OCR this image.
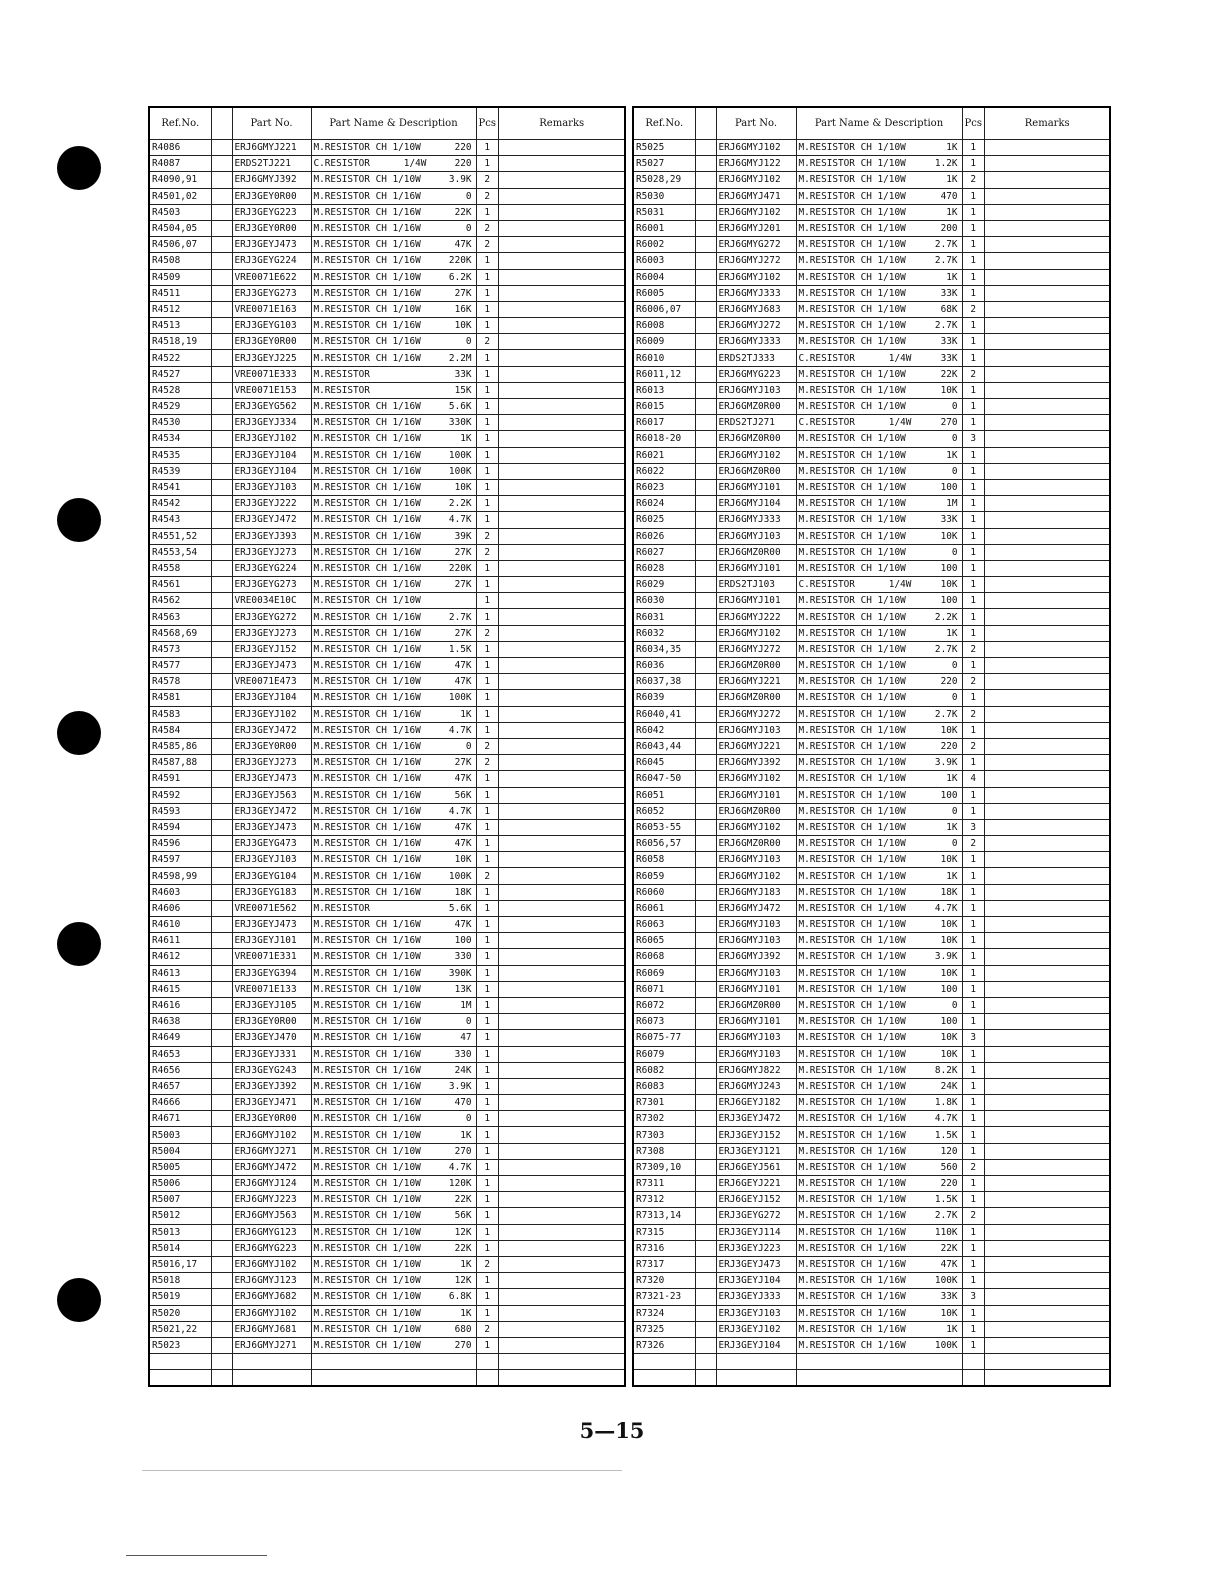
Ref.No.		Part No.	Part Name & Description	Pcs	Remarks
R4086		ERJ6GMYJ221	M.RESISTOR CH 1/10W 220	1	
R4087		ERDS2TJ221	C.RESISTOR      1/4W 220	1	
R4090,91		ERJ6GMYJ392	M.RESISTOR CH 1/10W 3.9K	2	
R4501,02		ERJ3GEY0R00	M.RESISTOR CH 1/16W 0	2	
R4503		ERJ3GEYG223	M.RESISTOR CH 1/16W 22K	1	
R4504,05		ERJ3GEY0R00	M.RESISTOR CH 1/16W 0	2	
R4506,07		ERJ3GEYJ473	M.RESISTOR CH 1/16W 47K	2	
R4508		ERJ3GEYG224	M.RESISTOR CH 1/16W 220K	1	
R4509		VRE0071E622	M.RESISTOR CH 1/10W 6.2K	1	
R4511		ERJ3GEYG273	M.RESISTOR CH 1/16W 27K	1	
R4512		VRE0071E163	M.RESISTOR CH 1/10W 16K	1	
R4513		ERJ3GEYG103	M.RESISTOR CH 1/16W 10K	1	
R4518,19		ERJ3GEY0R00	M.RESISTOR CH 1/16W 0	2	
R4522		ERJ3GEYJ225	M.RESISTOR CH 1/16W 2.2M	1	
R4527		VRE0071E333	M.RESISTOR 33K	1	
R4528		VRE0071E153	M.RESISTOR 15K	1	
R4529		ERJ3GEYG562	M.RESISTOR CH 1/16W 5.6K	1	
R4530		ERJ3GEYJ334	M.RESISTOR CH 1/16W 330K	1	
R4534		ERJ3GEYJ102	M.RESISTOR CH 1/16W 1K	1	
R4535		ERJ3GEYJ104	M.RESISTOR CH 1/16W 100K	1	
R4539		ERJ3GEYJ104	M.RESISTOR CH 1/16W 100K	1	
R4541		ERJ3GEYJ103	M.RESISTOR CH 1/16W 10K	1	
R4542		ERJ3GEYJ222	M.RESISTOR CH 1/16W 2.2K	1	
R4543		ERJ3GEYJ472	M.RESISTOR CH 1/16W 4.7K	1	
R4551,52		ERJ3GEYJ393	M.RESISTOR CH 1/16W 39K	2	
R4553,54		ERJ3GEYJ273	M.RESISTOR CH 1/16W 27K	2	
R4558		ERJ3GEYG224	M.RESISTOR CH 1/16W 220K	1	
R4561		ERJ3GEYG273	M.RESISTOR CH 1/16W 27K	1	
R4562		VRE0034E10C	M.RESISTOR CH 1/10W	1	
R4563		ERJ3GEYG272	M.RESISTOR CH 1/16W 2.7K	1	
R4568,69		ERJ3GEYJ273	M.RESISTOR CH 1/16W 27K	2	
R4573		ERJ3GEYJ152	M.RESISTOR CH 1/16W 1.5K	1	
R4577		ERJ3GEYJ473	M.RESISTOR CH 1/16W 47K	1	
R4578		VRE0071E473	M.RESISTOR CH 1/10W 47K	1	
R4581		ERJ3GEYJ104	M.RESISTOR CH 1/16W 100K	1	
R4583		ERJ3GEYJ102	M.RESISTOR CH 1/16W 1K	1	
R4584		ERJ3GEYJ472	M.RESISTOR CH 1/16W 4.7K	1	
R4585,86		ERJ3GEY0R00	M.RESISTOR CH 1/16W 0	2	
R4587,88		ERJ3GEYJ273	M.RESISTOR CH 1/16W 27K	2	
R4591		ERJ3GEYJ473	M.RESISTOR CH 1/16W 47K	1	
R4592		ERJ3GEYJ563	M.RESISTOR CH 1/16W 56K	1	
R4593		ERJ3GEYJ472	M.RESISTOR CH 1/16W 4.7K	1	
R4594		ERJ3GEYJ473	M.RESISTOR CH 1/16W 47K	1	
R4596		ERJ3GEYG473	M.RESISTOR CH 1/16W 47K	1	
R4597		ERJ3GEYJ103	M.RESISTOR CH 1/16W 10K	1	
R4598,99		ERJ3GEYG104	M.RESISTOR CH 1/16W 100K	2	
R4603		ERJ3GEYG183	M.RESISTOR CH 1/16W 18K	1	
R4606		VRE0071E562	M.RESISTOR 5.6K	1	
R4610		ERJ3GEYJ473	M.RESISTOR CH 1/16W 47K	1	
R4611		ERJ3GEYJ101	M.RESISTOR CH 1/16W 100	1	
R4612		VRE0071E331	M.RESISTOR CH 1/10W 330	1	
R4613		ERJ3GEYG394	M.RESISTOR CH 1/16W 390K	1	
R4615		VRE0071E133	M.RESISTOR CH 1/10W 13K	1	
R4616		ERJ3GEYJ105	M.RESISTOR CH 1/16W 1M	1	
R4638		ERJ3GEY0R00	M.RESISTOR CH 1/16W 0	1	
R4649		ERJ3GEYJ470	M.RESISTOR CH 1/16W 47	1	
R4653		ERJ3GEYJ331	M.RESISTOR CH 1/16W 330	1	
R4656		ERJ3GEYG243	M.RESISTOR CH 1/16W 24K	1	
R4657		ERJ3GEYJ392	M.RESISTOR CH 1/16W 3.9K	1	
R4666		ERJ3GEYJ471	M.RESISTOR CH 1/16W 470	1	
R4671		ERJ3GEY0R00	M.RESISTOR CH 1/16W 0	1	
R5003		ERJ6GMYJ102	M.RESISTOR CH 1/10W 1K	1	
R5004		ERJ6GMYJ271	M.RESISTOR CH 1/10W 270	1	
R5005		ERJ6GMYJ472	M.RESISTOR CH 1/10W 4.7K	1	
R5006		ERJ6GMYJ124	M.RESISTOR CH 1/10W 120K	1	
R5007		ERJ6GMYJ223	M.RESISTOR CH 1/10W 22K	1	
R5012		ERJ6GMYJ563	M.RESISTOR CH 1/10W 56K	1	
R5013		ERJ6GMYG123	M.RESISTOR CH 1/10W 12K	1	
R5014		ERJ6GMYG223	M.RESISTOR CH 1/10W 22K	1	
R5016,17		ERJ6GMYJ102	M.RESISTOR CH 1/10W 1K	2	
R5018		ERJ6GMYJ123	M.RESISTOR CH 1/10W 12K	1	
R5019		ERJ6GMYJ682	M.RESISTOR CH 1/10W 6.8K	1	
R5020		ERJ6GMYJ102	M.RESISTOR CH 1/10W 1K	1	
R5021,22		ERJ6GMYJ681	M.RESISTOR CH 1/10W 680	2	
R5023		ERJ6GMYJ271	M.RESISTOR CH 1/10W 270	1	

Ref.No.		Part No.	Part Name & Description	Pcs	Remarks
R5025		ERJ6GMYJ102	M.RESISTOR CH 1/10W 1K	1	
R5027		ERJ6GMYJ122	M.RESISTOR CH 1/10W 1.2K	1	
R5028,29		ERJ6GMYJ102	M.RESISTOR CH 1/10W 1K	2	
R5030		ERJ6GMYJ471	M.RESISTOR CH 1/10W 470	1	
R5031		ERJ6GMYJ102	M.RESISTOR CH 1/10W 1K	1	
R6001		ERJ6GMYJ201	M.RESISTOR CH 1/10W 200	1	
R6002		ERJ6GMYG272	M.RESISTOR CH 1/10W 2.7K	1	
R6003		ERJ6GMYJ272	M.RESISTOR CH 1/10W 2.7K	1	
R6004		ERJ6GMYJ102	M.RESISTOR CH 1/10W 1K	1	
R6005		ERJ6GMYJ333	M.RESISTOR CH 1/10W 33K	1	
R6006,07		ERJ6GMYJ683	M.RESISTOR CH 1/10W 68K	2	
R6008		ERJ6GMYJ272	M.RESISTOR CH 1/10W 2.7K	1	
R6009		ERJ6GMYJ333	M.RESISTOR CH 1/10W 33K	1	
R6010		ERDS2TJ333	C.RESISTOR      1/4W 33K	1	
R6011,12		ERJ6GMYG223	M.RESISTOR CH 1/10W 22K	2	
R6013		ERJ6GMYJ103	M.RESISTOR CH 1/10W 10K	1	
R6015		ERJ6GMZ0R00	M.RESISTOR CH 1/10W 0	1	
R6017		ERDS2TJ271	C.RESISTOR      1/4W 270	1	
R6018-20		ERJ6GMZ0R00	M.RESISTOR CH 1/10W 0	3	
R6021		ERJ6GMYJ102	M.RESISTOR CH 1/10W 1K	1	
R6022		ERJ6GMZ0R00	M.RESISTOR CH 1/10W 0	1	
R6023		ERJ6GMYJ101	M.RESISTOR CH 1/10W 100	1	
R6024		ERJ6GMYJ104	M.RESISTOR CH 1/10W 1M	1	
R6025		ERJ6GMYJ333	M.RESISTOR CH 1/10W 33K	1	
R6026		ERJ6GMYJ103	M.RESISTOR CH 1/10W 10K	1	
R6027		ERJ6GMZ0R00	M.RESISTOR CH 1/10W 0	1	
R6028		ERJ6GMYJ101	M.RESISTOR CH 1/10W 100	1	
R6029		ERDS2TJ103	C.RESISTOR      1/4W 10K	1	
R6030		ERJ6GMYJ101	M.RESISTOR CH 1/10W 100	1	
R6031		ERJ6GMYJ222	M.RESISTOR CH 1/10W 2.2K	1	
R6032		ERJ6GMYJ102	M.RESISTOR CH 1/10W 1K	1	
R6034,35		ERJ6GMYJ272	M.RESISTOR CH 1/10W 2.7K	2	
R6036		ERJ6GMZ0R00	M.RESISTOR CH 1/10W 0	1	
R6037,38		ERJ6GMYJ221	M.RESISTOR CH 1/10W 220	2	
R6039		ERJ6GMZ0R00	M.RESISTOR CH 1/10W 0	1	
R6040,41		ERJ6GMYJ272	M.RESISTOR CH 1/10W 2.7K	2	
R6042		ERJ6GMYJ103	M.RESISTOR CH 1/10W 10K	1	
R6043,44		ERJ6GMYJ221	M.RESISTOR CH 1/10W 220	2	
R6045		ERJ6GMYJ392	M.RESISTOR CH 1/10W 3.9K	1	
R6047-50		ERJ6GMYJ102	M.RESISTOR CH 1/10W 1K	4	
R6051		ERJ6GMYJ101	M.RESISTOR CH 1/10W 100	1	
R6052		ERJ6GMZ0R00	M.RESISTOR CH 1/10W 0	1	
R6053-55		ERJ6GMYJ102	M.RESISTOR CH 1/10W 1K	3	
R6056,57		ERJ6GMZ0R00	M.RESISTOR CH 1/10W 0	2	
R6058		ERJ6GMYJ103	M.RESISTOR CH 1/10W 10K	1	
R6059		ERJ6GMYJ102	M.RESISTOR CH 1/10W 1K	1	
R6060		ERJ6GMYJ183	M.RESISTOR CH 1/10W 18K	1	
R6061		ERJ6GMYJ472	M.RESISTOR CH 1/10W 4.7K	1	
R6063		ERJ6GMYJ103	M.RESISTOR CH 1/10W 10K	1	
R6065		ERJ6GMYJ103	M.RESISTOR CH 1/10W 10K	1	
R6068		ERJ6GMYJ392	M.RESISTOR CH 1/10W 3.9K	1	
R6069		ERJ6GMYJ103	M.RESISTOR CH 1/10W 10K	1	
R6071		ERJ6GMYJ101	M.RESISTOR CH 1/10W 100	1	
R6072		ERJ6GMZ0R00	M.RESISTOR CH 1/10W 0	1	
R6073		ERJ6GMYJ101	M.RESISTOR CH 1/10W 100	1	
R6075-77		ERJ6GMYJ103	M.RESISTOR CH 1/10W 10K	3	
R6079		ERJ6GMYJ103	M.RESISTOR CH 1/10W 10K	1	
R6082		ERJ6GMYJ822	M.RESISTOR CH 1/10W 8.2K	1	
R6083		ERJ6GMYJ243	M.RESISTOR CH 1/10W 24K	1	
R7301		ERJ6GEYJ182	M.RESISTOR CH 1/10W 1.8K	1	
R7302		ERJ3GEYJ472	M.RESISTOR CH 1/16W 4.7K	1	
R7303		ERJ3GEYJ152	M.RESISTOR CH 1/16W 1.5K	1	
R7308		ERJ3GEYJ121	M.RESISTOR CH 1/16W 120	1	
R7309,10		ERJ6GEYJ561	M.RESISTOR CH 1/10W 560	2	
R7311		ERJ6GEYJ221	M.RESISTOR CH 1/10W 220	1	
R7312		ERJ6GEYJ152	M.RESISTOR CH 1/10W 1.5K	1	
R7313,14		ERJ3GEYG272	M.RESISTOR CH 1/16W 2.7K	2	
R7315		ERJ3GEYJ114	M.RESISTOR CH 1/16W 110K	1	
R7316		ERJ3GEYJ223	M.RESISTOR CH 1/16W 22K	1	
R7317		ERJ3GEYJ473	M.RESISTOR CH 1/16W 47K	1	
R7320		ERJ3GEYJ104	M.RESISTOR CH 1/16W 100K	1	
R7321-23		ERJ3GEYJ333	M.RESISTOR CH 1/16W 33K	3	
R7324		ERJ3GEYJ103	M.RESISTOR CH 1/16W 10K	1	
R7325		ERJ3GEYJ102	M.RESISTOR CH 1/16W 1K	1	
R7326		ERJ3GEYJ104	M.RESISTOR CH 1/16W 100K	1	

5—15
